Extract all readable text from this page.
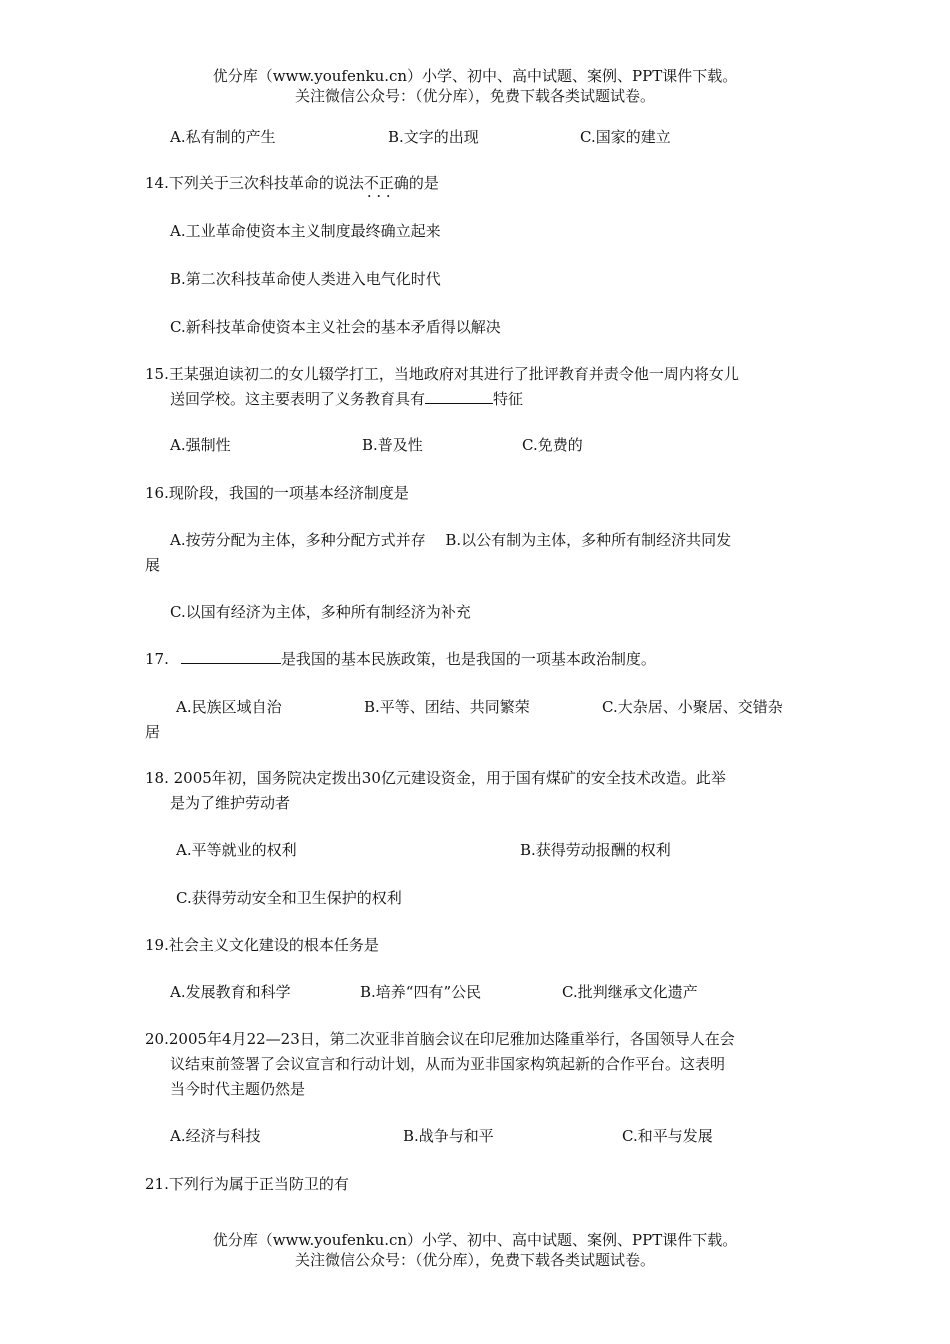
优分库（www.youfenku.cn）小学、初中、高中试题、案例、PPT课件下载。
关注微信公众号：（优分库），免费下载各类试题试卷。
A.私有制的产生	B.文字的出现	C.国家的建立
14.下列关于三次科技革命的说法不正确 · · ·的是
A.工业革命使资本主义制度最终确立起来
B.第二次科技革命使人类进入电气化时代
C.新科技革命使资本主义社会的基本矛盾得以解决
15.王某强迫读初二的女儿辍学打工，当地政府对其进行了批评教育并责令他一周内将女儿
送回学校。这主要表明了义务教育具有	特征
A.强制性	B.普及性	C.免费的
16.现阶段，我国的一项基本经济制度是
A.按劳分配为主体，多种分配方式并存　 B.以公有制为主体，多种所有制经济共同发
展
C.以国有经济为主体，多种所有制经济为补充
17.	是我国的基本民族政策，也是我国的一项基本政治制度。
A.民族区域自治	B.平等、团结、共同繁荣	C.大杂居、小聚居、交错杂
居
18. 2005年初，国务院决定拨出30亿元建设资金，用于国有煤矿的安全技术改造。此举
是为了维护劳动者
A.平等就业的权利	B.获得劳动报酬的权利
C.获得劳动安全和卫生保护的权利
19.社会主义文化建设的根本任务是
A.发展教育和科学	B.培养“四有”公民	C.批判继承文化遗产
20.2005年4月22—23日，第二次亚非首脑会议在印尼雅加达隆重举行，各国领导人在会
议结束前签署了会议宣言和行动计划，从而为亚非国家构筑起新的合作平台。这表明
当今时代主题仍然是
A.经济与科技	B.战争与和平	C.和平与发展
21.下列行为属于正当防卫的有
优分库（www.youfenku.cn）小学、初中、高中试题、案例、PPT课件下载。
关注微信公众号：（优分库），免费下载各类试题试卷。
